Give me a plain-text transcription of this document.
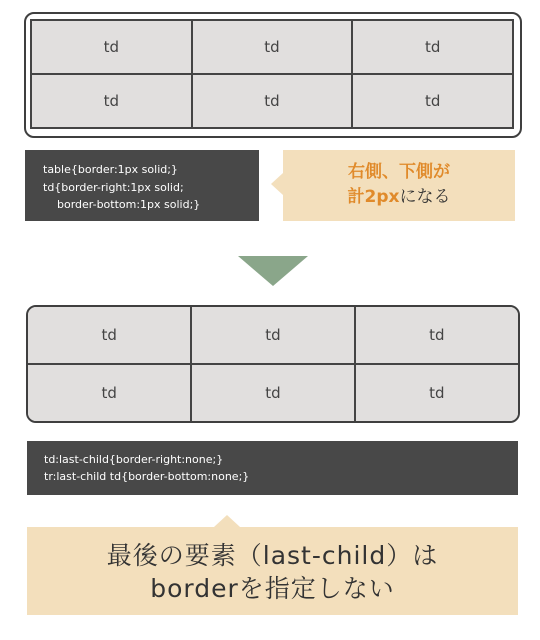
td	td	td
td	td	td
table{border:1px solid;}
td{border-right:1px solid;
border-bottom:1px solid;}
右側、下側が
計2pxになる
td	td	td
td	td	td
td:last-child{border-right:none;}
tr:last-child td{border-bottom:none;}
最後の要素（last-child）は
borderを指定しない
